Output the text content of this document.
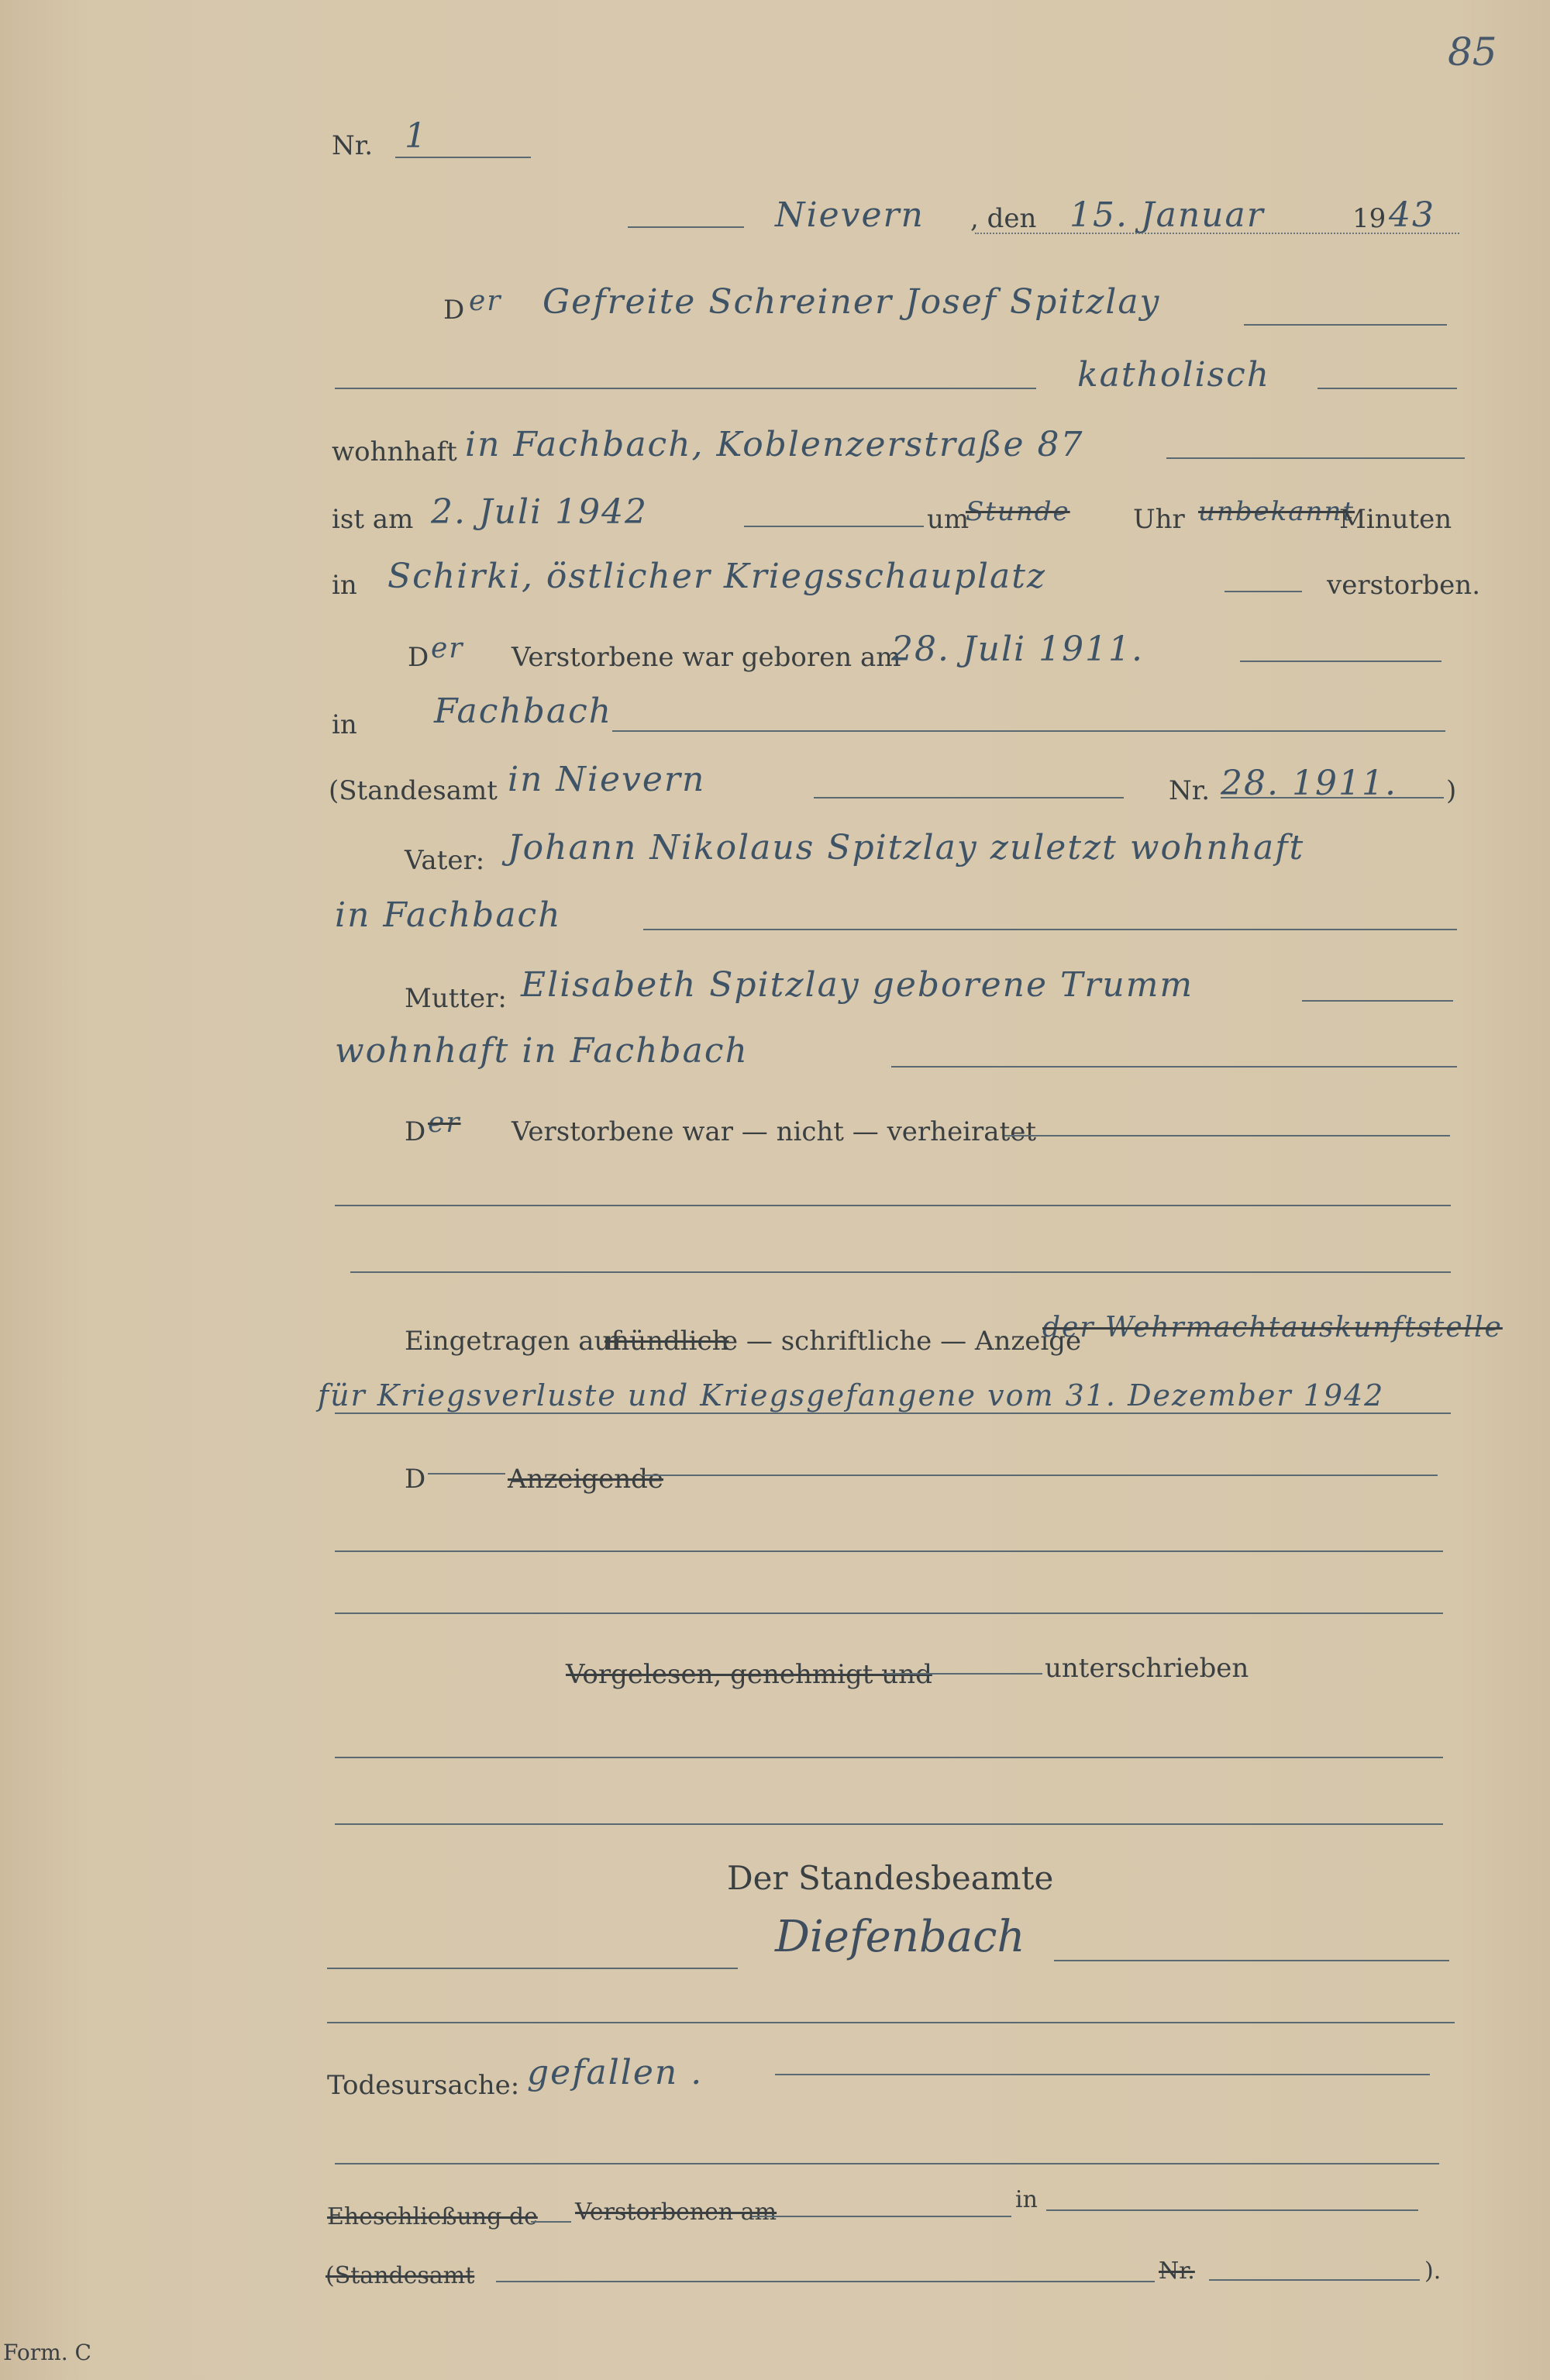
85
Nr. 1
Nievern , den 15. Januar	19 43
D er Gefreite Schreiner Josef Spitzlay
katholisch
wohnhaft in Fachbach, Koblenzerstraße 87
ist am 2. Juli 1942	um
Stunde Uhr unbekannt
Minuten
in Schirki, östlicher Kriegsschauplatz	verstorben.
D er Verstorbene war geboren am
28. Juli 1911.
in Fachbach
(Standesamt in Nievern	Nr. 28. 1911. )
Vater: Johann Nikolaus Spitzlay zuletzt wohnhaft
in Fachbach
Mutter: Elisabeth Spitzlay geborene Trumm
wohnhaft in Fachbach
D er Verstorbene war — nicht — verheiratet
Eingetragen auf
mündlich
e — schriftliche — Anzeige
der Wehrmachtauskunftstelle
für Kriegsverluste und Kriegsgefangene vom 31. Dezember 1942
D	Anzeigende
Vorgelesen, genehmigt und	unterschrieben
Der Standesbeamte
Diefenbach
Todesursache: gefallen .
Eheschließung de Verstorbenen am	in
(Standesamt	Nr.	).
Form. C
